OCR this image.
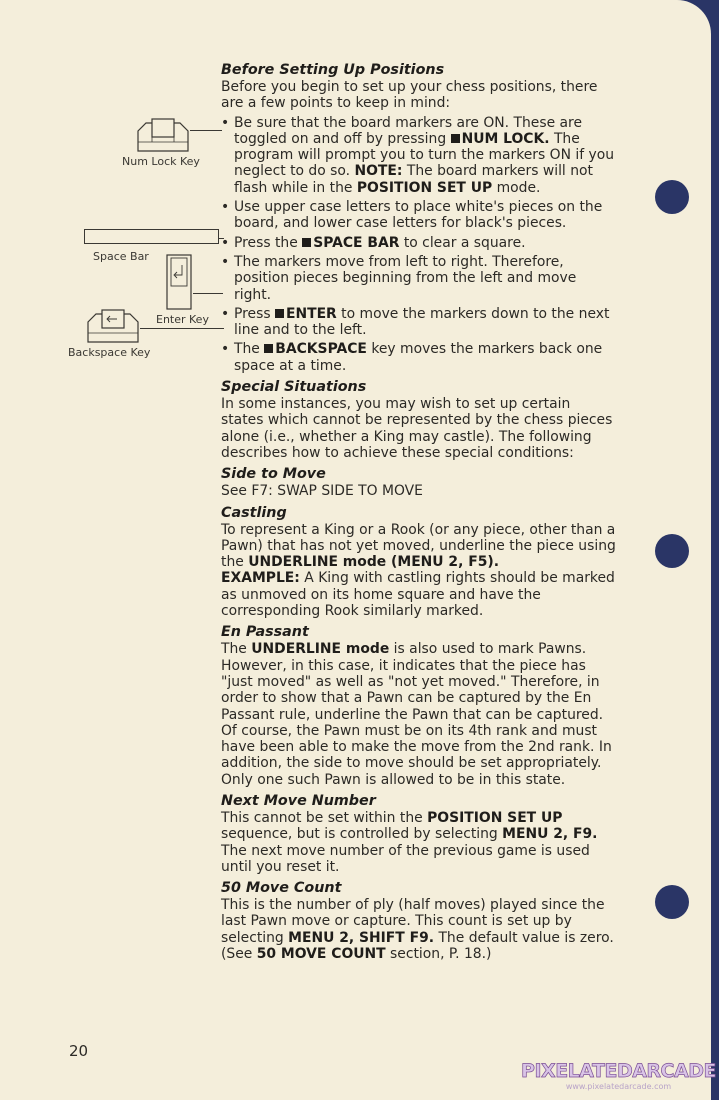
Num Lock Key
Space Bar
Enter Key
Backspace Key
Before Setting Up Positions

Before you begin to set up your chess positions, there are a few points to keep in mind:

• Be sure that the board markers are ON. These are toggled on and off by pressing NUM LOCK. The program will prompt you to turn the markers ON if you neglect to do so. NOTE: The board markers will not flash while in the POSITION SET UP mode.
• Use upper case letters to place white's pieces on the board, and lower case letters for black's pieces.
• Press the SPACE BAR to clear a square.
• The markers move from left to right. Therefore, position pieces beginning from the left and move right.
• Press ENTER to move the markers down to the next line and to the left.
• The BACKSPACE key moves the markers back one space at a time.
Special Situations

In some instances, you may wish to set up certain states which cannot be represented by the chess pieces alone (i.e., whether a King may castle). The following describes how to achieve these special conditions:

Side to Move

See F7: SWAP SIDE TO MOVE

Castling

To represent a King or a Rook (or any piece, other than a Pawn) that has not yet moved, underline the piece using the UNDERLINE mode (MENU 2, F5).

EXAMPLE: A King with castling rights should be marked as unmoved on its home square and have the corresponding Rook similarly marked.

En Passant

The UNDERLINE mode is also used to mark Pawns. However, in this case, it indicates that the piece has "just moved" as well as "not yet moved." Therefore, in order to show that a Pawn can be captured by the En Passant rule, underline the Pawn that can be captured. Of course, the Pawn must be on its 4th rank and must have been able to make the move from the 2nd rank. In addition, the side to move should be set appropriately. Only one such Pawn is allowed to be in this state.

Next Move Number

This cannot be set within the POSITION SET UP sequence, but is controlled by selecting MENU 2, F9. The next move number of the previous game is used until you reset it.

50 Move Count

This is the number of ply (half moves) played since the last Pawn move or capture. This count is set up by selecting MENU 2, SHIFT F9. The default value is zero. (See 50 MOVE COUNT section, P. 18.)

20
PIXELATEDARCADE
www.pixelatedarcade.com
